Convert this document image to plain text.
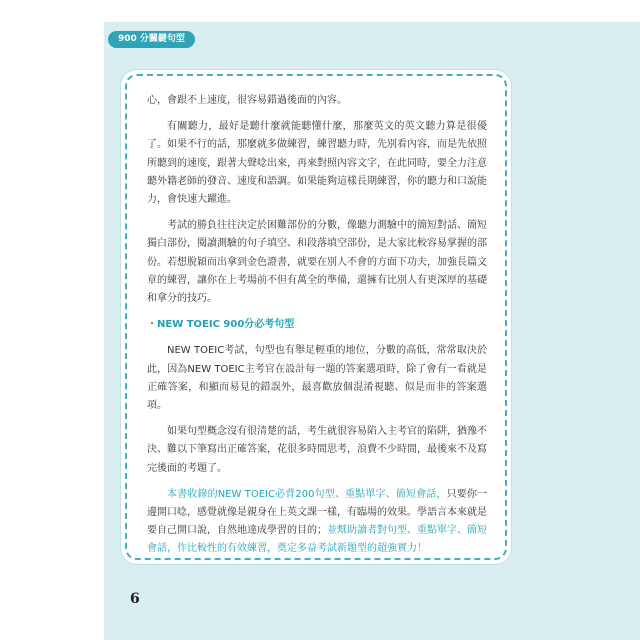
900 分關鍵句型

心，會跟不上速度，很容易錯過後面的內容。

有關聽力，最好是聽什麼就能聽懂什麼，那麼英文的英文聽力算是很優了。如果不行的話，那麼就多做練習，練習聽力時，先別看內容，而是先依照所聽到的速度，跟著大聲唸出來，再來對照內容文字，在此同時，要全力注意聽外籍老師的發音、速度和語調。如果能夠這樣長期練習，你的聽力和口說能力，會快速大躍進。

考試的勝負往往決定於困難部份的分數，像聽力測驗中的簡短對話、簡短獨白部份，閱讀測驗的句子填空、和段落填空部份，是大家比較容易掌握的部份。若想脫穎而出拿到金色證書，就要在別人不會的方面下功夫，加強長篇文章的練習，讓你在上考場前不但有萬全的準備，還擁有比別人有更深厚的基礎和拿分的技巧。

・NEW TOEIC 900分必考句型

NEW TOEIC考試，句型也有舉足輕重的地位，分數的高低，常常取決於此，因為NEW TOEIC主考官在設計每一題的答案選項時，除了會有一看就是正確答案，和顯而易見的錯誤外，最喜歡放個混淆視聽、似是而非的答案選項。

如果句型概念沒有很清楚的話，考生就很容易陷入主考官的陷阱，猶豫不決、難以下筆寫出正確答案，花很多時間思考，浪費不少時間，最後來不及寫完後面的考題了。

本書收錄的NEW TOEIC必背200句型、重點單字、簡短會話，只要你一邊開口唸，感覺就像是親身在上英文課一樣，有臨場的效果。學語言本來就是要自己開口說，自然地達成學習的目的；並幫助讀者對句型、重點單字、簡短會話，作比較性的有效練習，奠定多益考試新題型的超強實力！

6
